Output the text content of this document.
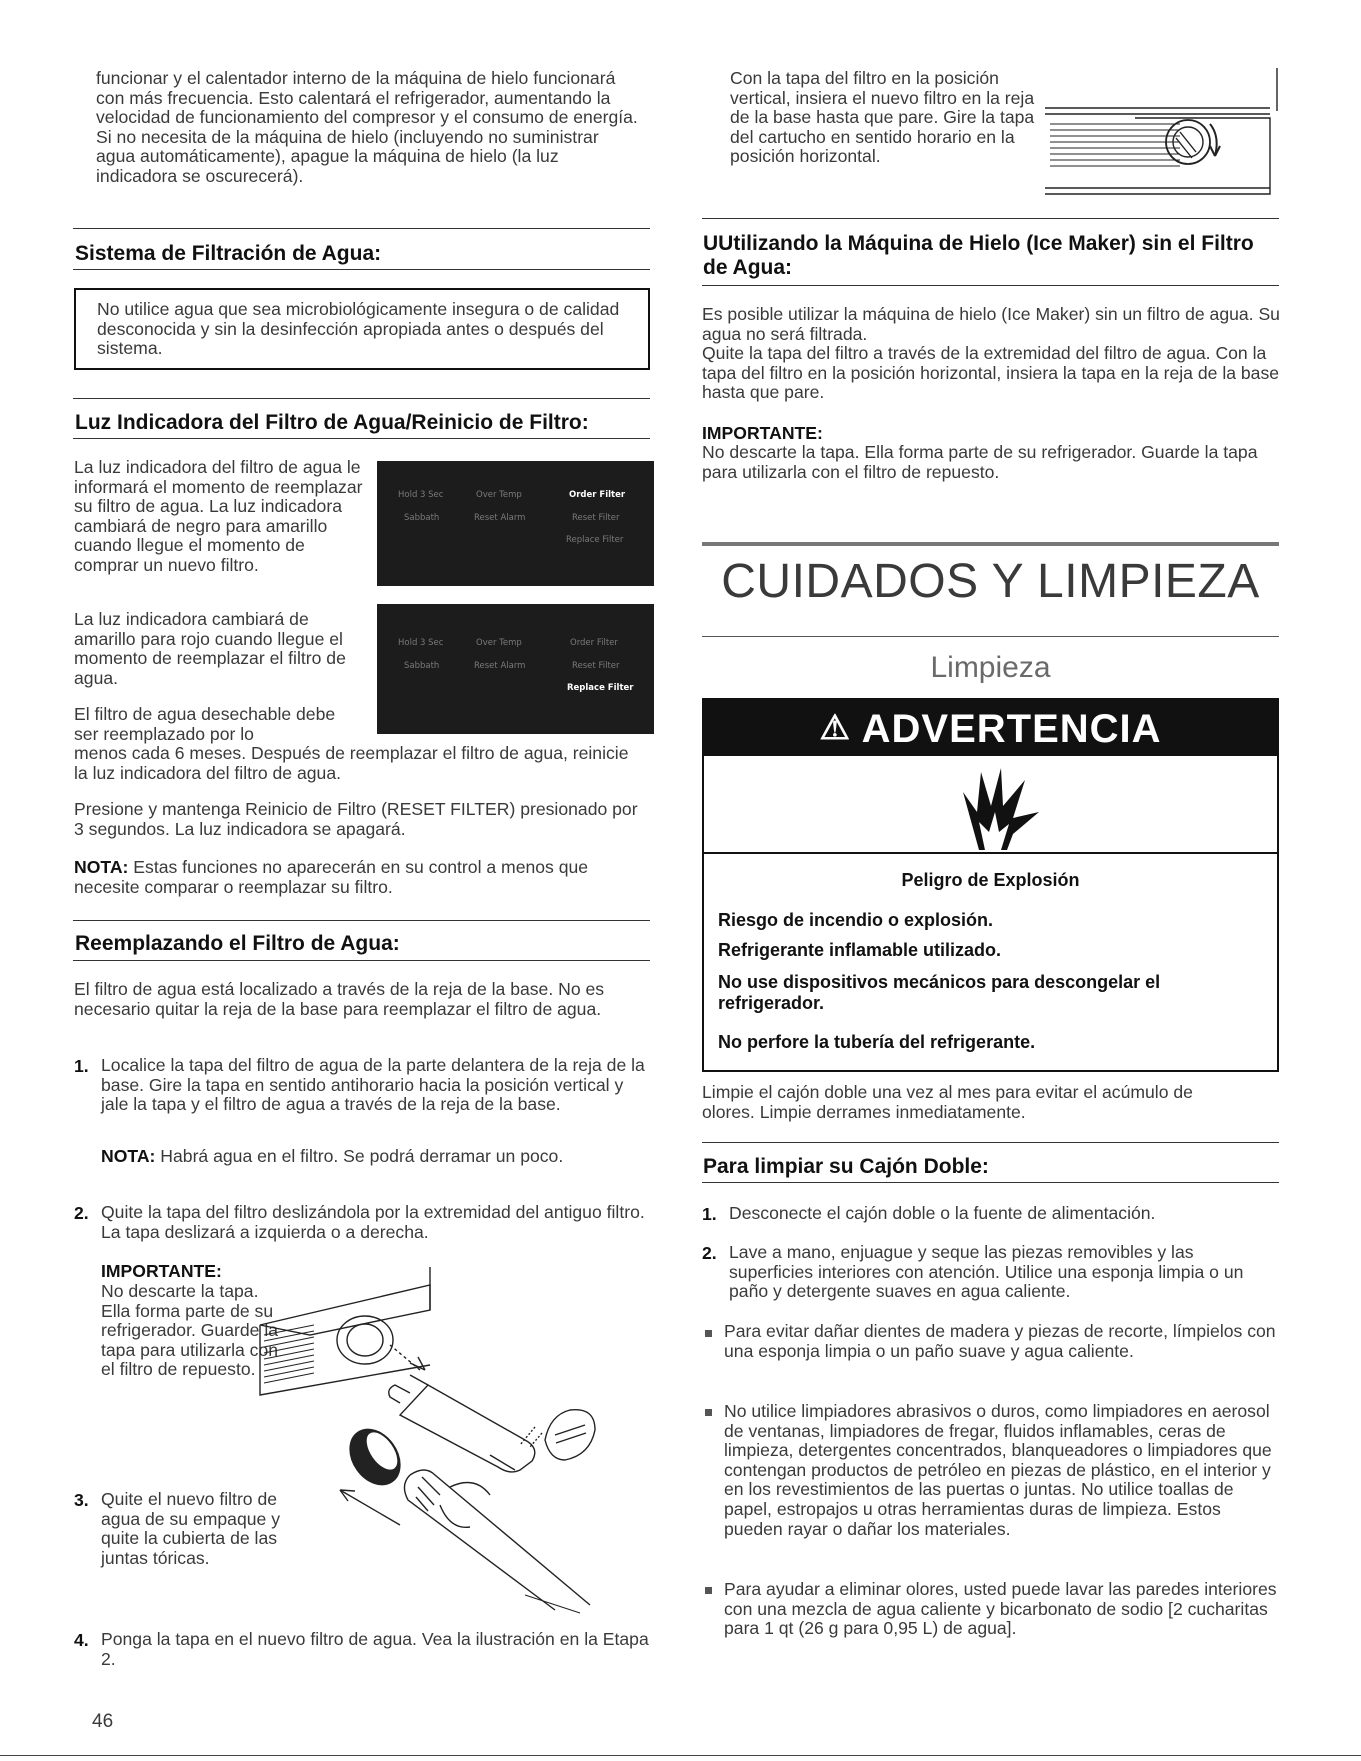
funcionar y el calentador interno de la máquina de hielo funcionará con más frecuencia. Esto calentará el refrigerador, aumentando la velocidad de funcionamiento del compresor y el consumo de energía. Si no necesita de la máquina de hielo (incluyendo no suministrar agua automáticamente), apague la máquina de hielo (la luz indicadora se oscurecerá).

Sistema de Filtración de Agua:

No utilice agua que sea microbiológicamente insegura o de calidad desconocida y sin la desinfección apropiada antes o después del sistema.

Luz Indicadora del Filtro de Agua/Reinicio de Filtro:

La luz indicadora del filtro de agua le informará el momento de reemplazar su filtro de agua. La luz indicadora cambiará de negro para amarillo cuando llegue el momento de comprar un nuevo filtro.

Hold 3 Sec
Sabbath
Over Temp
Reset Alarm
Order Filter
Reset Filter
Replace Filter

La luz indicadora cambiará de amarillo para rojo cuando llegue el momento de reemplazar el filtro de agua.

Hold 3 Sec
Sabbath
Over Temp
Reset Alarm
Order Filter
Reset Filter
Replace Filter

El filtro de agua desechable debe ser reemplazado por lo

menos cada 6 meses. Después de reemplazar el filtro de agua, reinicie la luz indicadora del filtro de agua.

Presione y mantenga Reinicio de Filtro (RESET FILTER) presionado por 3 segundos. La luz indicadora se apagará.

NOTA: Estas funciones no aparecerán en su control a menos que necesite comparar o reemplazar su filtro.

Reemplazando el Filtro de Agua:

El filtro de agua está localizado a través de la reja de la base. No es necesario quitar la reja de la base para reemplazar el filtro de agua.

1. Localice la tapa del filtro de agua de la parte delantera de la reja de la base. Gire la tapa en sentido antihorario hacia la posición vertical y jale la tapa y el filtro de agua a través de la reja de la base.

NOTA: Habrá agua en el filtro. Se podrá derramar un poco.

2. Quite la tapa del filtro deslizándola por la extremidad del antiguo filtro. La tapa deslizará a izquierda o a derecha.

IMPORTANTE:

No descarte la tapa. Ella forma parte de su refrigerador. Guarde la tapa para utilizarla con el filtro de repuesto.

3. Quite el nuevo filtro de agua de su empaque y quite la cubierta de las juntas tóricas.

4. Ponga la tapa en el nuevo filtro de agua. Vea la ilustración en la Etapa 2.

46

Con la tapa del filtro en la posición vertical, insiera el nuevo filtro en la reja de la base hasta que pare. Gire la tapa del cartucho en sentido horario en la posición horizontal.

UUtilizando la Máquina de Hielo (Ice Maker) sin el Filtro de Agua:

Es posible utilizar la máquina de hielo (Ice Maker) sin un filtro de agua. Su agua no será filtrada.

Quite la tapa del filtro a través de la extremidad del filtro de agua. Con la tapa del filtro en la posición horizontal, insiera la tapa en la reja de la base hasta que pare.

IMPORTANTE:

No descarte la tapa. Ella forma parte de su refrigerador. Guarde la tapa para utilizarla con el filtro de repuesto.

CUIDADOS Y LIMPIEZA
Limpieza
⚠ ADVERTENCIA

Peligro de Explosión

Riesgo de incendio o explosión.

Refrigerante inflamable utilizado.

No use dispositivos mecánicos para descongelar el refrigerador.

No perfore la tubería del refrigerante.

Limpie el cajón doble una vez al mes para evitar el acúmulo de olores. Limpie derrames inmediatamente.

Para limpiar su Cajón Doble:
1. Desconecte el cajón doble o la fuente de alimentación.

2. Lave a mano, enjuague y seque las piezas removibles y las superficies interiores con atención. Utilice una esponja limpia o un paño y detergente suaves en agua caliente.

Para evitar dañar dientes de madera y piezas de recorte, límpielos con una esponja limpia o un paño suave y agua caliente.

No utilice limpiadores abrasivos o duros, como limpiadores en aerosol de ventanas, limpiadores de fregar, fluidos inflamables, ceras de limpieza, detergentes concentrados, blanqueadores o limpiadores que contengan productos de petróleo en piezas de plástico, en el interior y en los revestimientos de las puertas o juntas. No utilice toallas de papel, estropajos u otras herramientas duras de limpieza. Estos pueden rayar o dañar los materiales.

Para ayudar a eliminar olores, usted puede lavar las paredes interiores con una mezcla de agua caliente y bicarbonato de sodio [2 cucharitas para 1 qt (26 g para 0,95 L) de agua].
